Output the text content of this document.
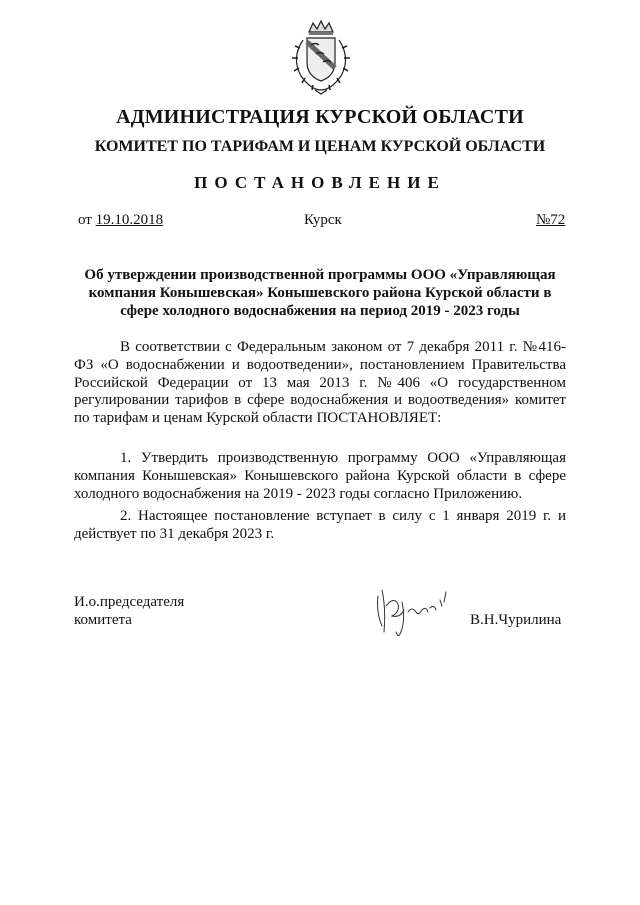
АДМИНИСТРАЦИЯ КУРСКОЙ ОБЛАСТИ
КОМИТЕТ ПО ТАРИФАМ И ЦЕНАМ КУРСКОЙ ОБЛАСТИ
ПОСТАНОВЛЕНИЕ
от 19.10.2018	Курск	№72
Об утверждении производственной программы ООО «Управляющая
компания Конышевская» Конышевского района Курской области в
сфере холодного водоснабжения на период 2019 - 2023 годы

В соответствии с Федеральным законом от 7 декабря 2011 г. №416-ФЗ «О водоснабжении и водоотведении», постановлением Правительства Российской Федерации от 13 мая 2013 г. №406 «О государственном регулировании тарифов в сфере водоснабжения и водоотведения» комитет по тарифам и ценам Курской области ПОСТАНОВЛЯЕТ:

1. Утвердить производственную программу ООО «Управляющая компания Конышевская» Конышевского района Курской области в сфере холодного водоснабжения на 2019 - 2023 годы согласно Приложению.

2. Настоящее постановление вступает в силу с 1 января 2019 г. и действует по 31 декабря 2023 г.

И.о.председателя
комитета	В.Н.Чурилина
